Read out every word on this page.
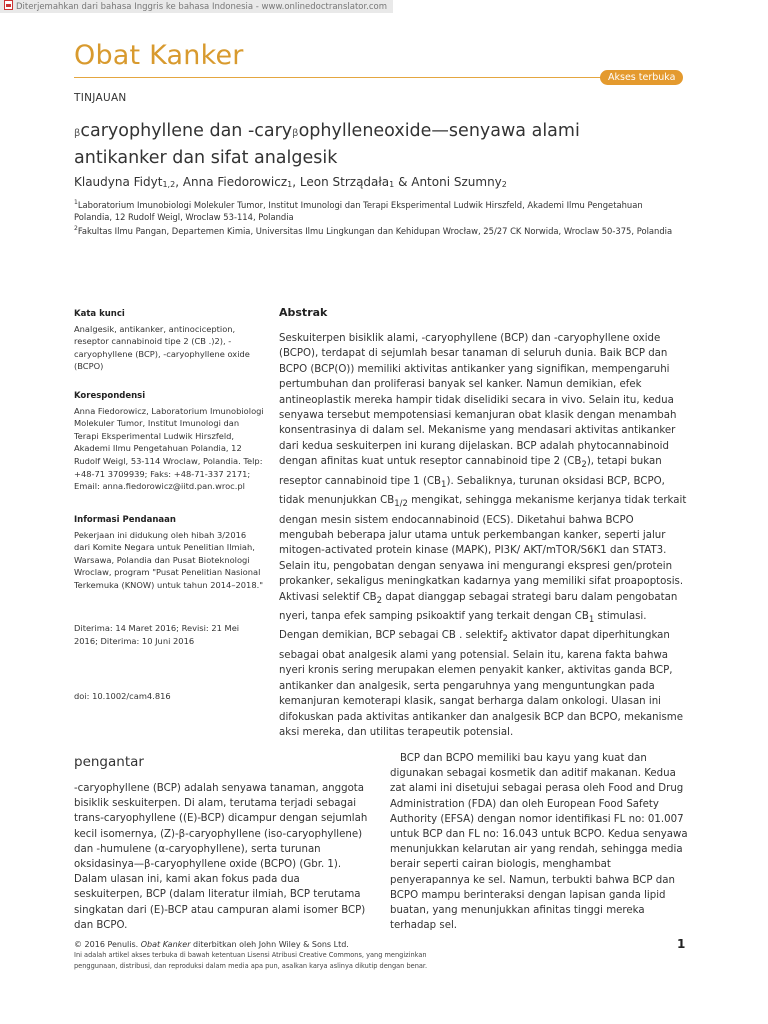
Diterjemahkan dari bahasa Inggris ke bahasa Indonesia - www.onlinedoctranslator.com
Obat Kanker
Akses terbuka
TINJAUAN
βcaryophyllene dan -caryβophylleneoxide—senyawa alami antikanker dan sifat analgesik
Klaudyna Fidyt$_{1,2}$, Anna Fiedorowicz$_1$, Leon Strządała$_1$ & Antoni Szumny$_2$
$^1$Laboratorium Imunobiologi Molekuler Tumor, Institut Imunologi dan Terapi Eksperimental Ludwik Hirszfeld, Akademi Ilmu Pengetahuan Polandia, 12 Rudolf Weigl, Wroclaw 53-114, Polandia
$^2$Fakultas Ilmu Pangan, Departemen Kimia, Universitas Ilmu Lingkungan dan Kehidupan Wrocław, 25/27 CK Norwida, Wroclaw 50-375, Polandia
Kata kunci
Analgesik, antikanker, antinociception, reseptor cannabinoid tipe 2 (CB .)2), -caryophyllene (BCP), -caryophyllene oxide (BCPO)
Korespondensi
Anna Fiedorowicz, Laboratorium Imunobiologi Molekuler Tumor, Institut Imunologi dan Terapi Eksperimental Ludwik Hirszfeld, Akademi Ilmu Pengetahuan Polandia, 12 Rudolf Weigl, 53-114 Wroclaw, Polandia. Telp: +48-71 3709939; Faks: +48-71-337 2171; Email: anna.fiedorowicz@iitd.pan.wroc.pl
Informasi Pendanaan
Pekerjaan ini didukung oleh hibah 3/2016 dari Komite Negara untuk Penelitian Ilmiah, Warsawa, Polandia dan Pusat Bioteknologi Wroclaw, program "Pusat Penelitian Nasional Terkemuka (KNOW) untuk tahun 2014–2018."
Diterima: 14 Maret 2016; Revisi: 21 Mei 2016; Diterima: 10 Juni 2016
doi: 10.1002/cam4.816
Abstrak
Seskuiterpen bisiklik alami, -caryophyllene (BCP) dan -caryophyllene oxide (BCPO), terdapat di sejumlah besar tanaman di seluruh dunia. Baik BCP dan BCPO (BCP(O)) memiliki aktivitas antikanker yang signifikan, mempengaruhi pertumbuhan dan proliferasi banyak sel kanker. Namun demikian, efek antineoplastik mereka hampir tidak diselidiki secara in vivo. Selain itu, kedua senyawa tersebut mempotensiasi kemanjuran obat klasik dengan menambah konsentrasinya di dalam sel. Mekanisme yang mendasari aktivitas antikanker dari kedua seskuiterpen ini kurang dijelaskan. BCP adalah phytocannabinoid dengan afinitas kuat untuk reseptor cannabinoid tipe 2 $(CB_2)$, tetapi bukan reseptor cannabinoid tipe 1 $(CB_1)$. Sebaliknya, turunan oksidasi BCP, BCPO, tidak menunjukkan $CB_{1/2}$ mengikat, sehingga mekanisme kerjanya tidak terkait dengan mesin sistem endocannabinoid (ECS). Diketahui bahwa BCPO mengubah beberapa jalur utama untuk perkembangan kanker, seperti jalur mitogen-activated protein kinase (MAPK), PI3K/ AKT/mTOR/S6K1 dan STAT3. Selain itu, pengobatan dengan senyawa ini mengurangi ekspresi gen/protein prokanker, sekaligus meningkatkan kadarnya yang memiliki sifat proapoptosis. Aktivasi selektif $CB_2$ dapat dianggap sebagai strategi baru dalam pengobatan nyeri, tanpa efek samping psikoaktif yang terkait dengan $CB_1$ stimulasi. Dengan demikian, BCP sebagai CB . selektif$_2$ aktivator dapat diperhitungkan sebagai obat analgesik alami yang potensial. Selain itu, karena fakta bahwa nyeri kronis sering merupakan elemen penyakit kanker, aktivitas ganda BCP, antikanker dan analgesik, serta pengaruhnya yang menguntungkan pada kemanjuran kemoterapi klasik, sangat berharga dalam onkologi. Ulasan ini difokuskan pada aktivitas antikanker dan analgesik BCP dan BCPO, mekanisme aksi mereka, dan utilitas terapeutik potensial.
pengantar
-caryophyllene (BCP) adalah senyawa tanaman, anggota bisiklik seskuiterpen. Di alam, terutama terjadi sebagai trans-caryophyllene ((E)-BCP) dicampur dengan sejumlah kecil isomernya, (Z)-β-caryophyllene (iso-caryophyllene) dan -humulene (α-caryophyllene), serta turunan oksidasinya—β-caryophyllene oxide (BCPO) (Gbr. 1). Dalam ulasan ini, kami akan fokus pada dua seskuiterpen, BCP (dalam literatur ilmiah, BCP terutama singkatan dari (E)-BCP atau campuran alami isomer BCP) dan BCPO.
BCP dan BCPO memiliki bau kayu yang kuat dan digunakan sebagai kosmetik dan aditif makanan. Kedua zat alami ini disetujui sebagai perasa oleh Food and Drug Administration (FDA) dan oleh European Food Safety Authority (EFSA) dengan nomor identifikasi FL no: 01.007 untuk BCP dan FL no: 16.043 untuk BCPO. Kedua senyawa menunjukkan kelarutan air yang rendah, sehingga media berair seperti cairan biologis, menghambat penyerapannya ke sel. Namun, terbukti bahwa BCP dan BCPO mampu berinteraksi dengan lapisan ganda lipid buatan, yang menunjukkan afinitas tinggi mereka terhadap sel.
© 2016 Penulis. Obat Kanker diterbitkan oleh John Wiley & Sons Ltd.
Ini adalah artikel akses terbuka di bawah ketentuan Lisensi Atribusi Creative Commons, yang mengizinkan penggunaan, distribusi, dan reproduksi dalam media apa pun, asalkan karya aslinya dikutip dengan benar.
1
